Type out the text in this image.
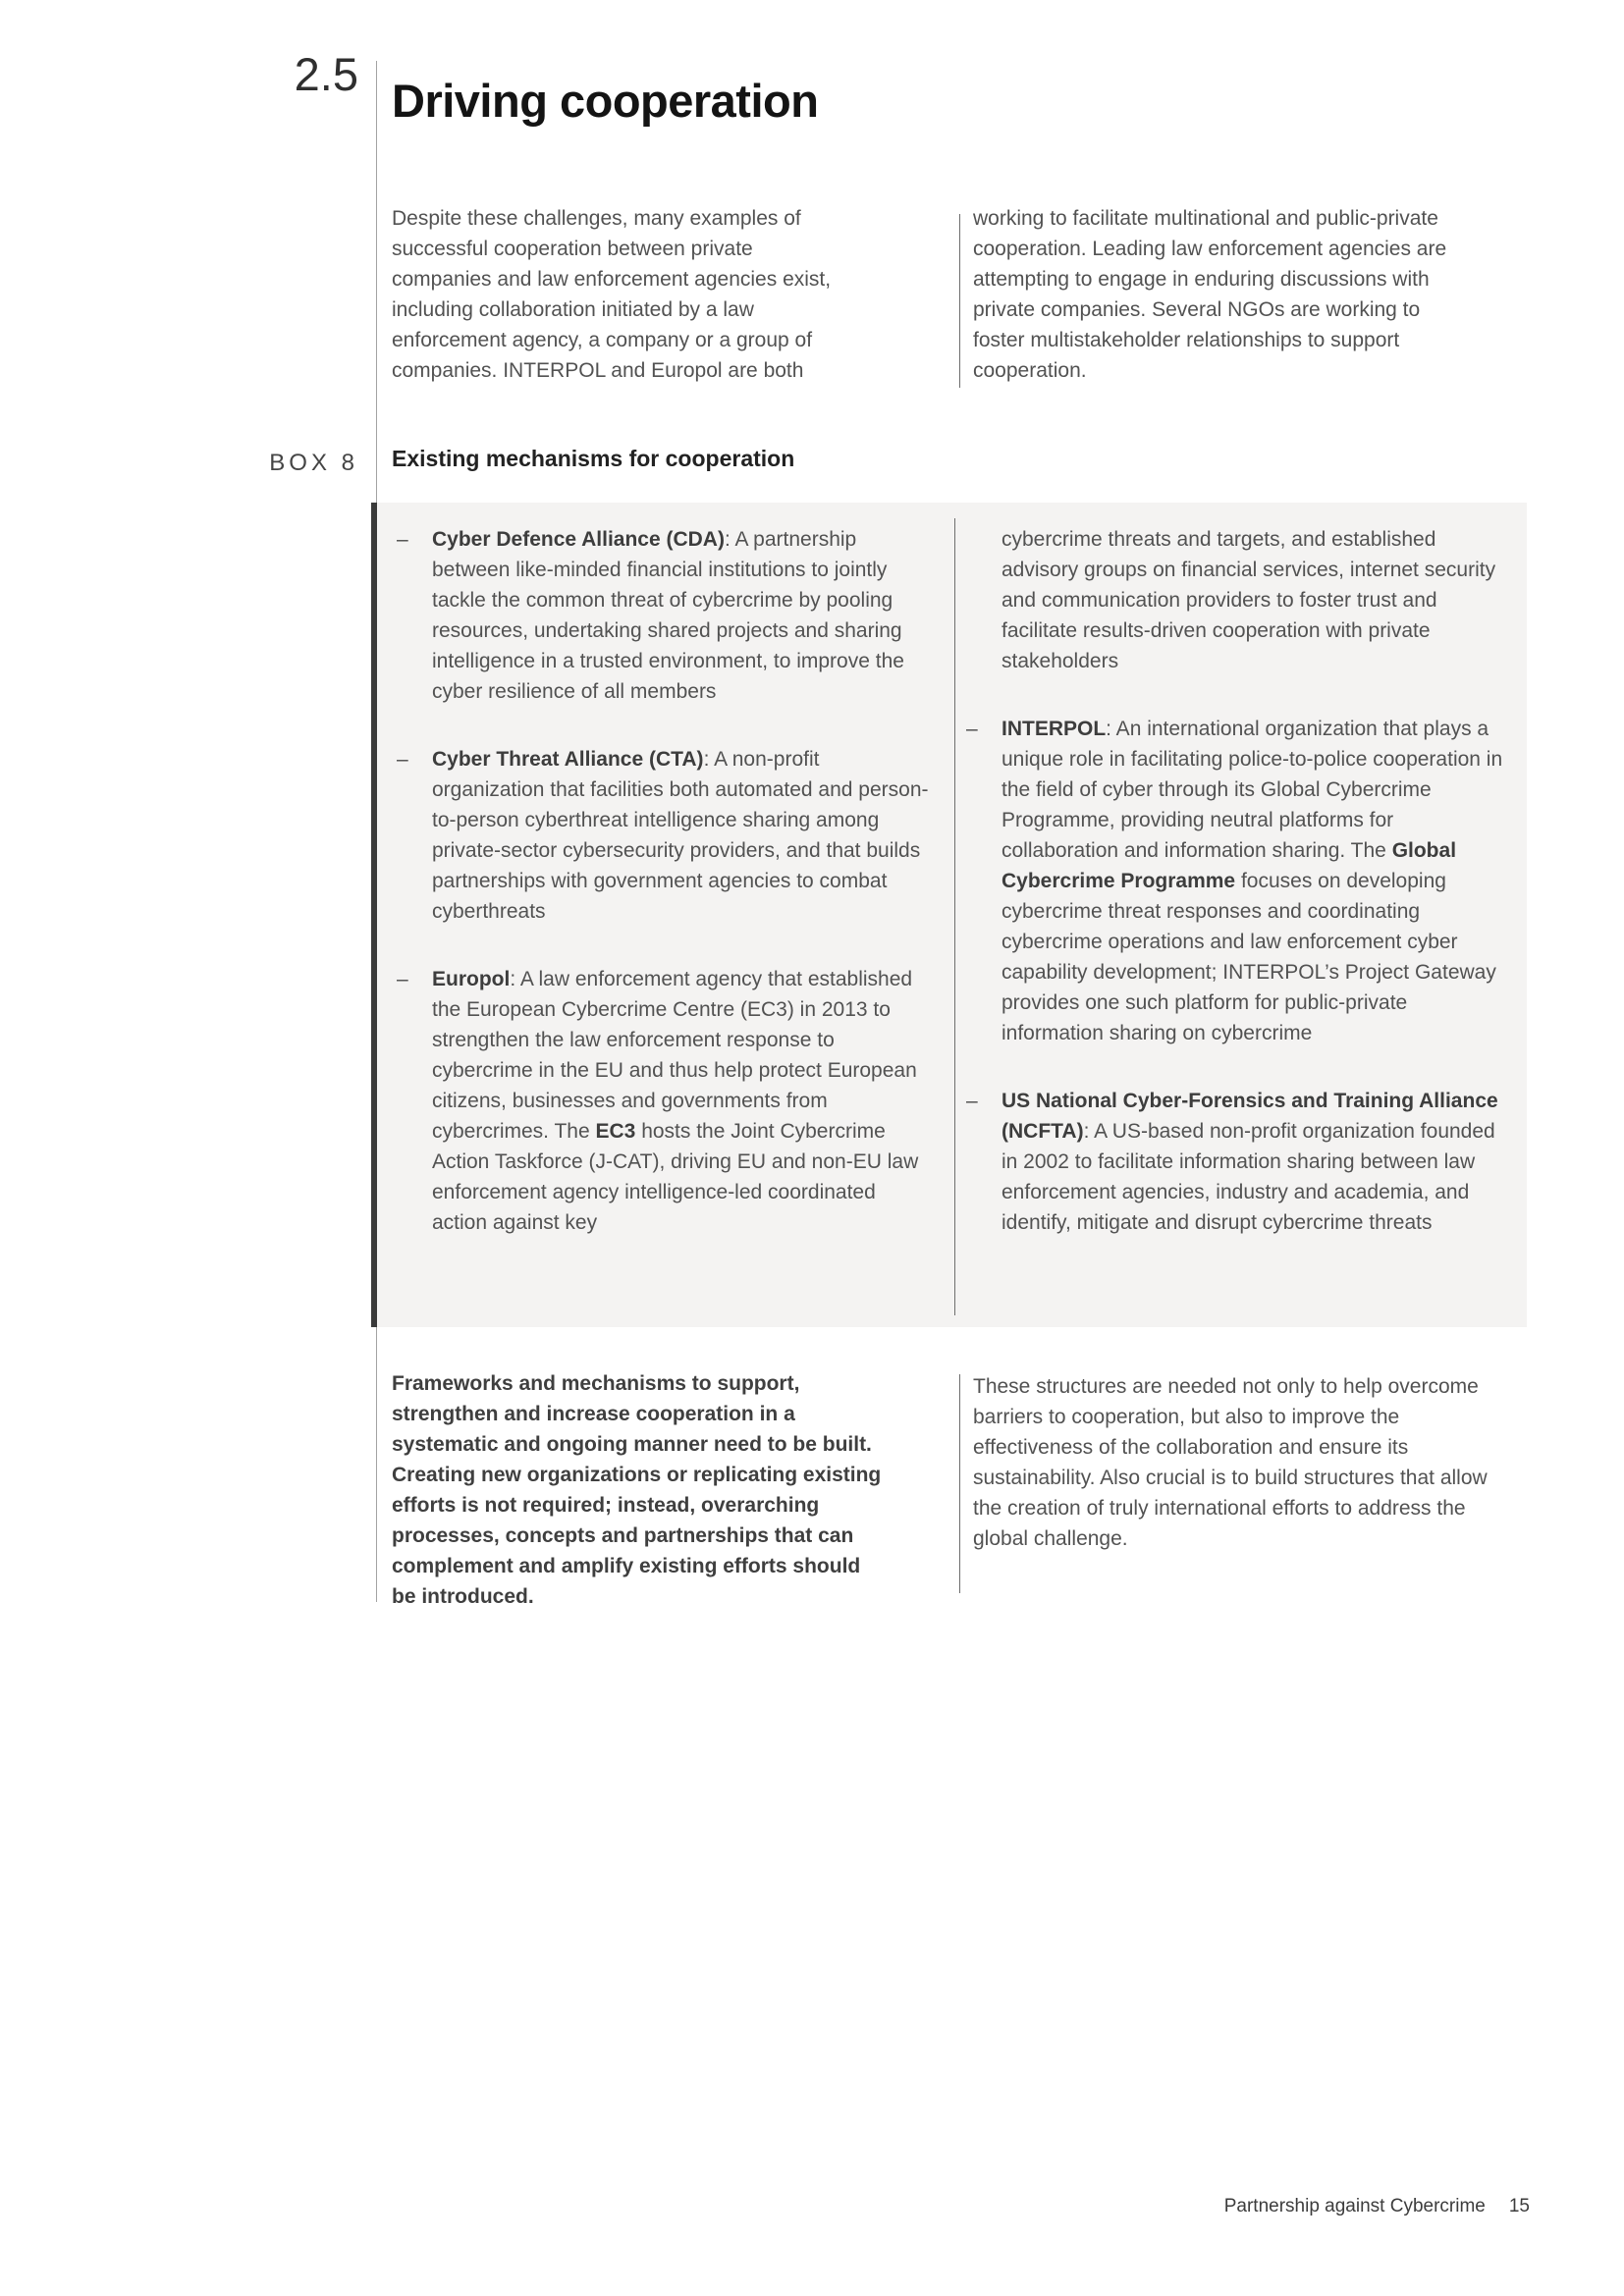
2.5
Driving cooperation

Despite these challenges, many examples of successful cooperation between private companies and law enforcement agencies exist, including collaboration initiated by a law enforcement agency, a company or a group of companies. INTERPOL and Europol are both

working to facilitate multinational and public-private cooperation. Leading law enforcement agencies are attempting to engage in enduring discussions with private companies. Several NGOs are working to foster multistakeholder relationships to support cooperation.

BOX 8 Existing mechanisms for cooperation
–	Cyber Defence Alliance (CDA): A partnership between like-minded financial institutions to jointly tackle the common threat of cybercrime by pooling resources, undertaking shared projects and sharing intelligence in a trusted environment, to improve the cyber resilience of all members

–	Cyber Threat Alliance (CTA): A non-profit organization that facilities both automated and person-to-person cyberthreat intelligence sharing among private-sector cybersecurity providers, and that builds partnerships with government agencies to combat cyberthreats

–	Europol: A law enforcement agency that established the European Cybercrime Centre (EC3) in 2013 to strengthen the law enforcement response to cybercrime in the EU and thus help protect European citizens, businesses and governments from cybercrimes. The EC3 hosts the Joint Cybercrime Action Taskforce (J-CAT), driving EU and non-EU law enforcement agency intelligence-led coordinated action against key

cybercrime threats and targets, and established advisory groups on financial services, internet security and communication providers to foster trust and facilitate results-driven cooperation with private stakeholders

–	INTERPOL: An international organization that plays a unique role in facilitating police-to-police cooperation in the field of cyber through its Global Cybercrime Programme, providing neutral platforms for collaboration and information sharing. The Global Cybercrime Programme focuses on developing cybercrime threat responses and coordinating cybercrime operations and law enforcement cyber capability development; INTERPOL’s Project Gateway provides one such platform for public-private information sharing on cybercrime

–	US National Cyber-Forensics and Training Alliance (NCFTA): A US-based non-profit organization founded in 2002 to facilitate information sharing between law enforcement agencies, industry and academia, and identify, mitigate and disrupt cybercrime threats

Frameworks and mechanisms to support, strengthen and increase cooperation in a systematic and ongoing manner need to be built. Creating new organizations or replicating existing efforts is not required; instead, overarching processes, concepts and partnerships that can complement and amplify existing efforts should be introduced.

These structures are needed not only to help overcome barriers to cooperation, but also to improve the effectiveness of the collaboration and ensure its sustainability. Also crucial is to build structures that allow the creation of truly international efforts to address the global challenge.

Partnership against Cybercrime 15
